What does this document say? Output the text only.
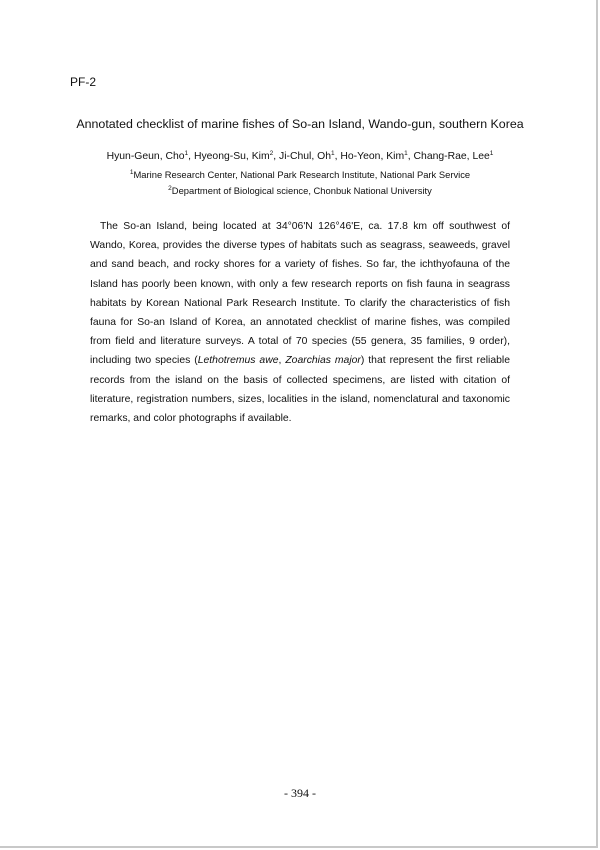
PF-2
Annotated checklist of marine fishes of So-an Island, Wando-gun, southern Korea
Hyun-Geun, Cho$^1$, Hyeong-Su, Kim$^2$, Ji-Chul, Oh$^1$, Ho-Yeon, Kim$^1$, Chang-Rae, Lee$^1$
$^1$Marine Research Center, National Park Research Institute, National Park Service
$^2$Department of Biological science, Chonbuk National University

The So-an Island, being located at 34°06'N 126°46'E, ca. 17.8 km off southwest of Wando, Korea, provides the diverse types of habitats such as seagrass, seaweeds, gravel and sand beach, and rocky shores for a variety of fishes. So far, the ichthyofauna of the Island has poorly been known, with only a few research reports on fish fauna in seagrass habitats by Korean National Park Research Institute. To clarify the characteristics of fish fauna for So-an Island of Korea, an annotated checklist of marine fishes, was compiled from field and literature surveys. A total of 70 species (55 genera, 35 families, 9 order), including two species (Lethotremus awe, Zoarchias major) that represent the first reliable records from the island on the basis of collected specimens, are listed with citation of literature, registration numbers, sizes, localities in the island, nomenclatural and taxonomic remarks, and color photographs if available.

- 394 -
